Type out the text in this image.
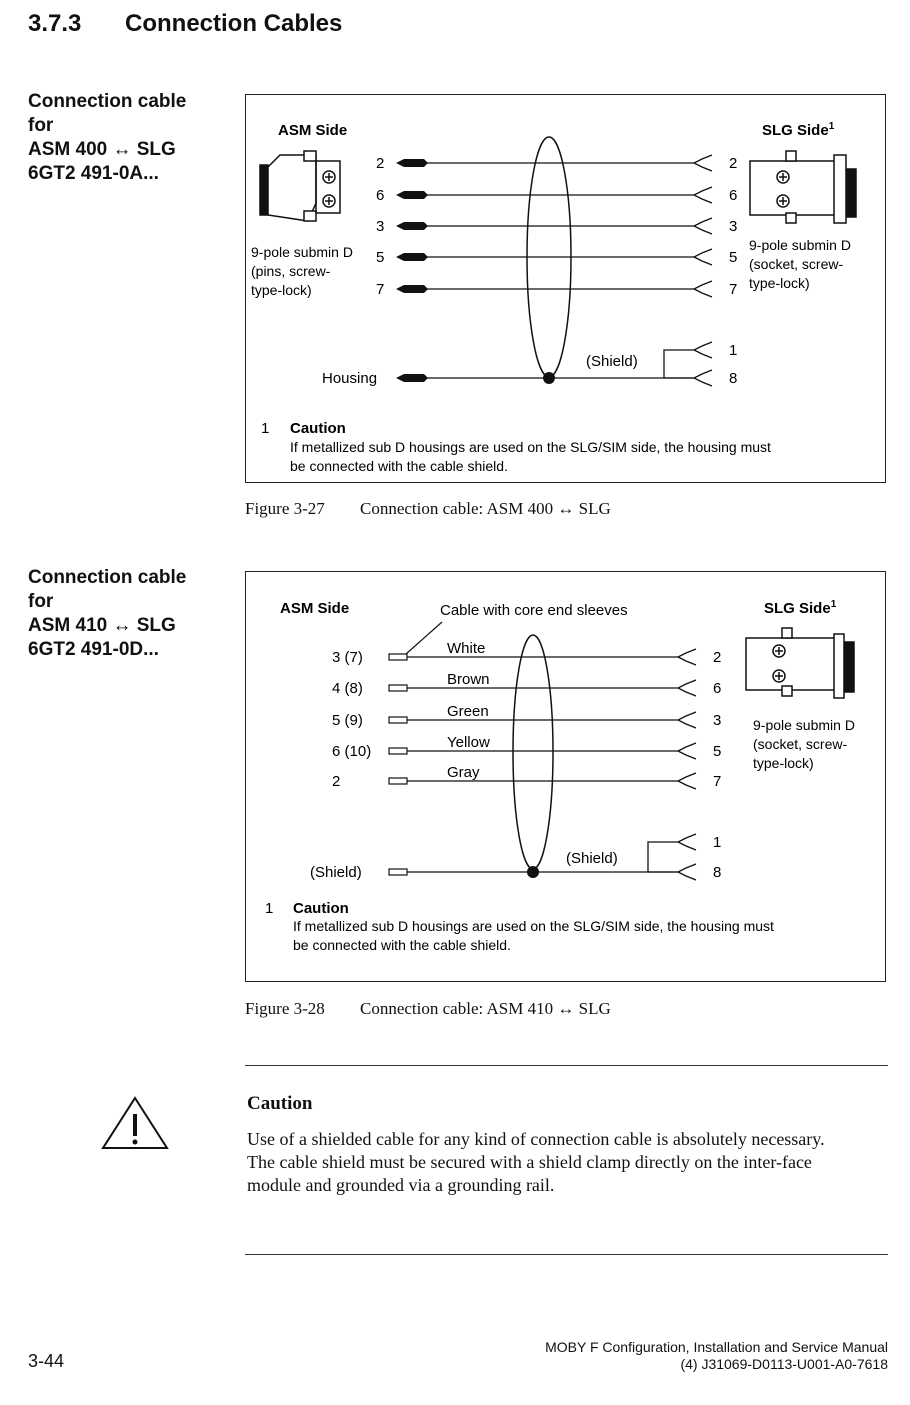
3.7.3 Connection Cables
Connection cable
for
ASM 400 ↔ SLG
6GT2 491-0A...
ASM Side	SLG Side$^1$
2	2
6	6
3	3
5	5
7	7
1
8
9-pole submin D
(pins, screw-
type-lock)
9-pole submin D
(socket, screw-
type-lock)
Housing
(Shield)
1 Caution
If metallized sub D housings are used on the SLG/SIM side, the housing must
be connected with the cable shield.
Figure 3-27 Connection cable: ASM 400 ↔ SLG
Connection cable
for
ASM 410 ↔ SLG
6GT2 491-0D...
ASM Side	SLG Side$^1$
Cable with core end sleeves
3 (7)
White
2
4 (8)
Brown
6
5 (9)
Green
3
6 (10)
Yellow
5
2
Gray
7
1
8
9-pole submin D
(socket, screw-
type-lock)
(Shield)
(Shield)
1 Caution
If metallized sub D housings are used on the SLG/SIM side, the housing must
be connected with the cable shield.
Figure 3-28 Connection cable: ASM 410 ↔ SLG
Caution

Use of a shielded cable for any kind of connection cable is absolutely necessary.

The cable shield must be secured with a shield clamp directly on the inter-face module and grounded via a grounding rail.

3-44
MOBY F Configuration, Installation and Service Manual
(4) J31069-D0113-U001-A0-7618
